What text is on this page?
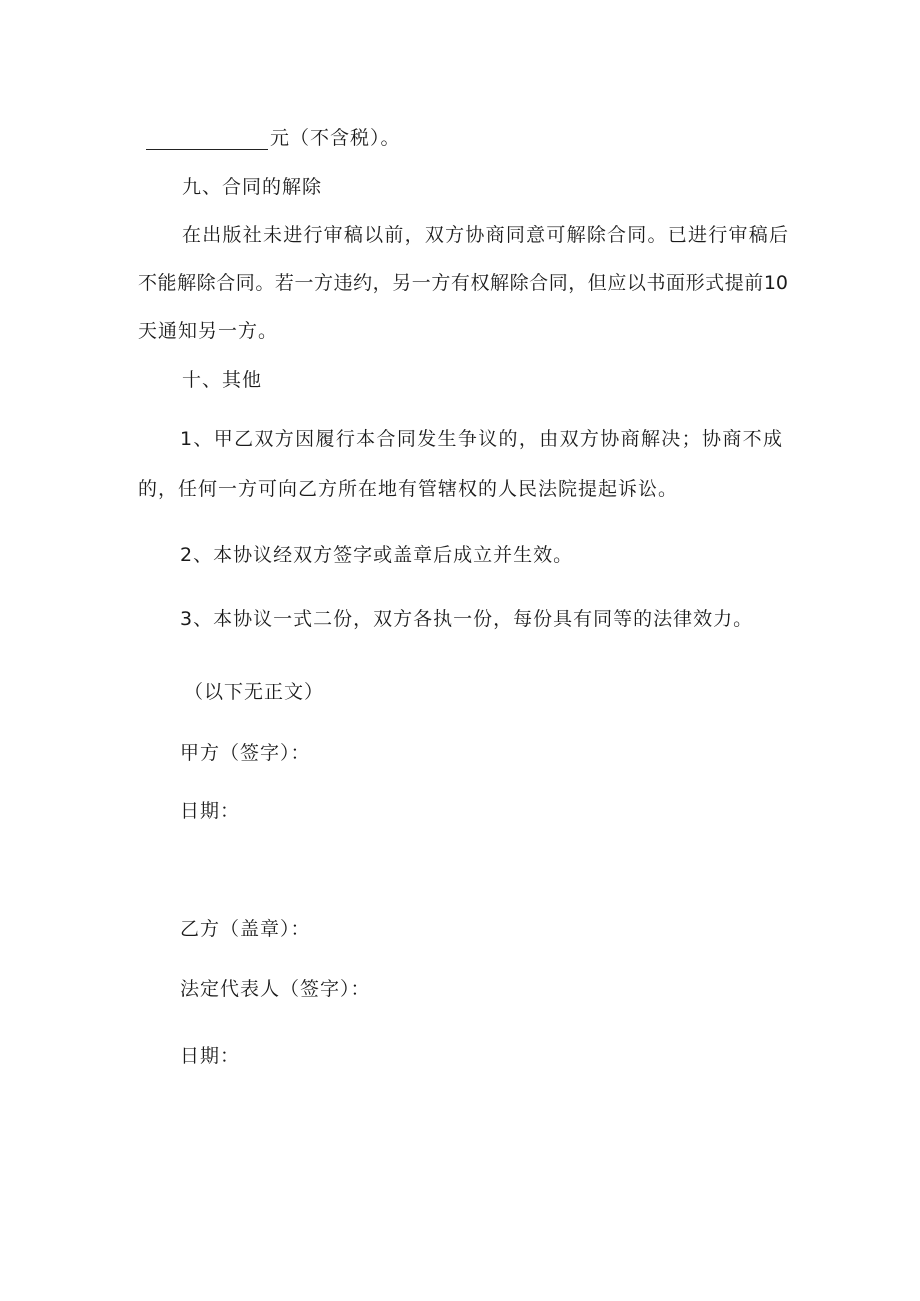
元（不含税）。
九、合同的解除
在出版社未进行审稿以前，双方协商同意可解除合同。已进行审稿后
不能解除合同。若一方违约，另一方有权解除合同，但应以书面形式提前10
天通知另一方。
十、其他
1、甲乙双方因履行本合同发生争议的，由双方协商解决；协商不成
的，任何一方可向乙方所在地有管辖权的人民法院提起诉讼。
2、本协议经双方签字或盖章后成立并生效。
3、本协议一式二份，双方各执一份，每份具有同等的法律效力。
（以下无正文）
甲方（签字）：
日期：
乙方（盖章）：
法定代表人（签字）：
日期：
